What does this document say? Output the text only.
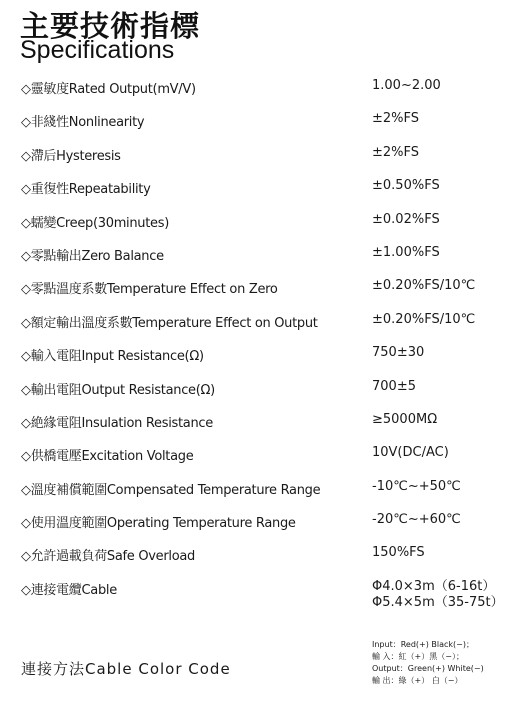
主要技術指標
Specifications
◇靈敏度Rated Output(mV/V)	1.00~2.00
◇非綫性Nonlinearity	±2%FS
◇滯后Hysteresis	±2%FS
◇重復性Repeatability	±0.50%FS
◇蠕變Creep(30minutes)	±0.02%FS
◇零點輸出Zero Balance	±1.00%FS
◇零點溫度系數Temperature Effect on Zero	±0.20%FS/10℃
◇額定輸出溫度系數Temperature Effect on Output	±0.20%FS/10℃
◇輸入電阻Input Resistance(Ω)	750±30
◇輸出電阻Output Resistance(Ω)	700±5
◇絶緣電阻Insulation Resistance	≥5000MΩ
◇供橋電壓Excitation Voltage	10V(DC/AC)
◇溫度補償範圍Compensated Temperature Range	-10℃~+50℃
◇使用溫度範圍Operating Temperature Range	-20℃~+60℃
◇允許過載負荷Safe Overload	150%FS
◇連接電纜Cable	Φ4.0×3m（6-16t）
Φ5.4×5m（35-75t）
連接方法Cable Color Code
Input：Red(+) Black(−)；
輸 入：紅（+）黑（−）；
Output：Green(+) White(−)
輸 出：綠（+） 白（−）
